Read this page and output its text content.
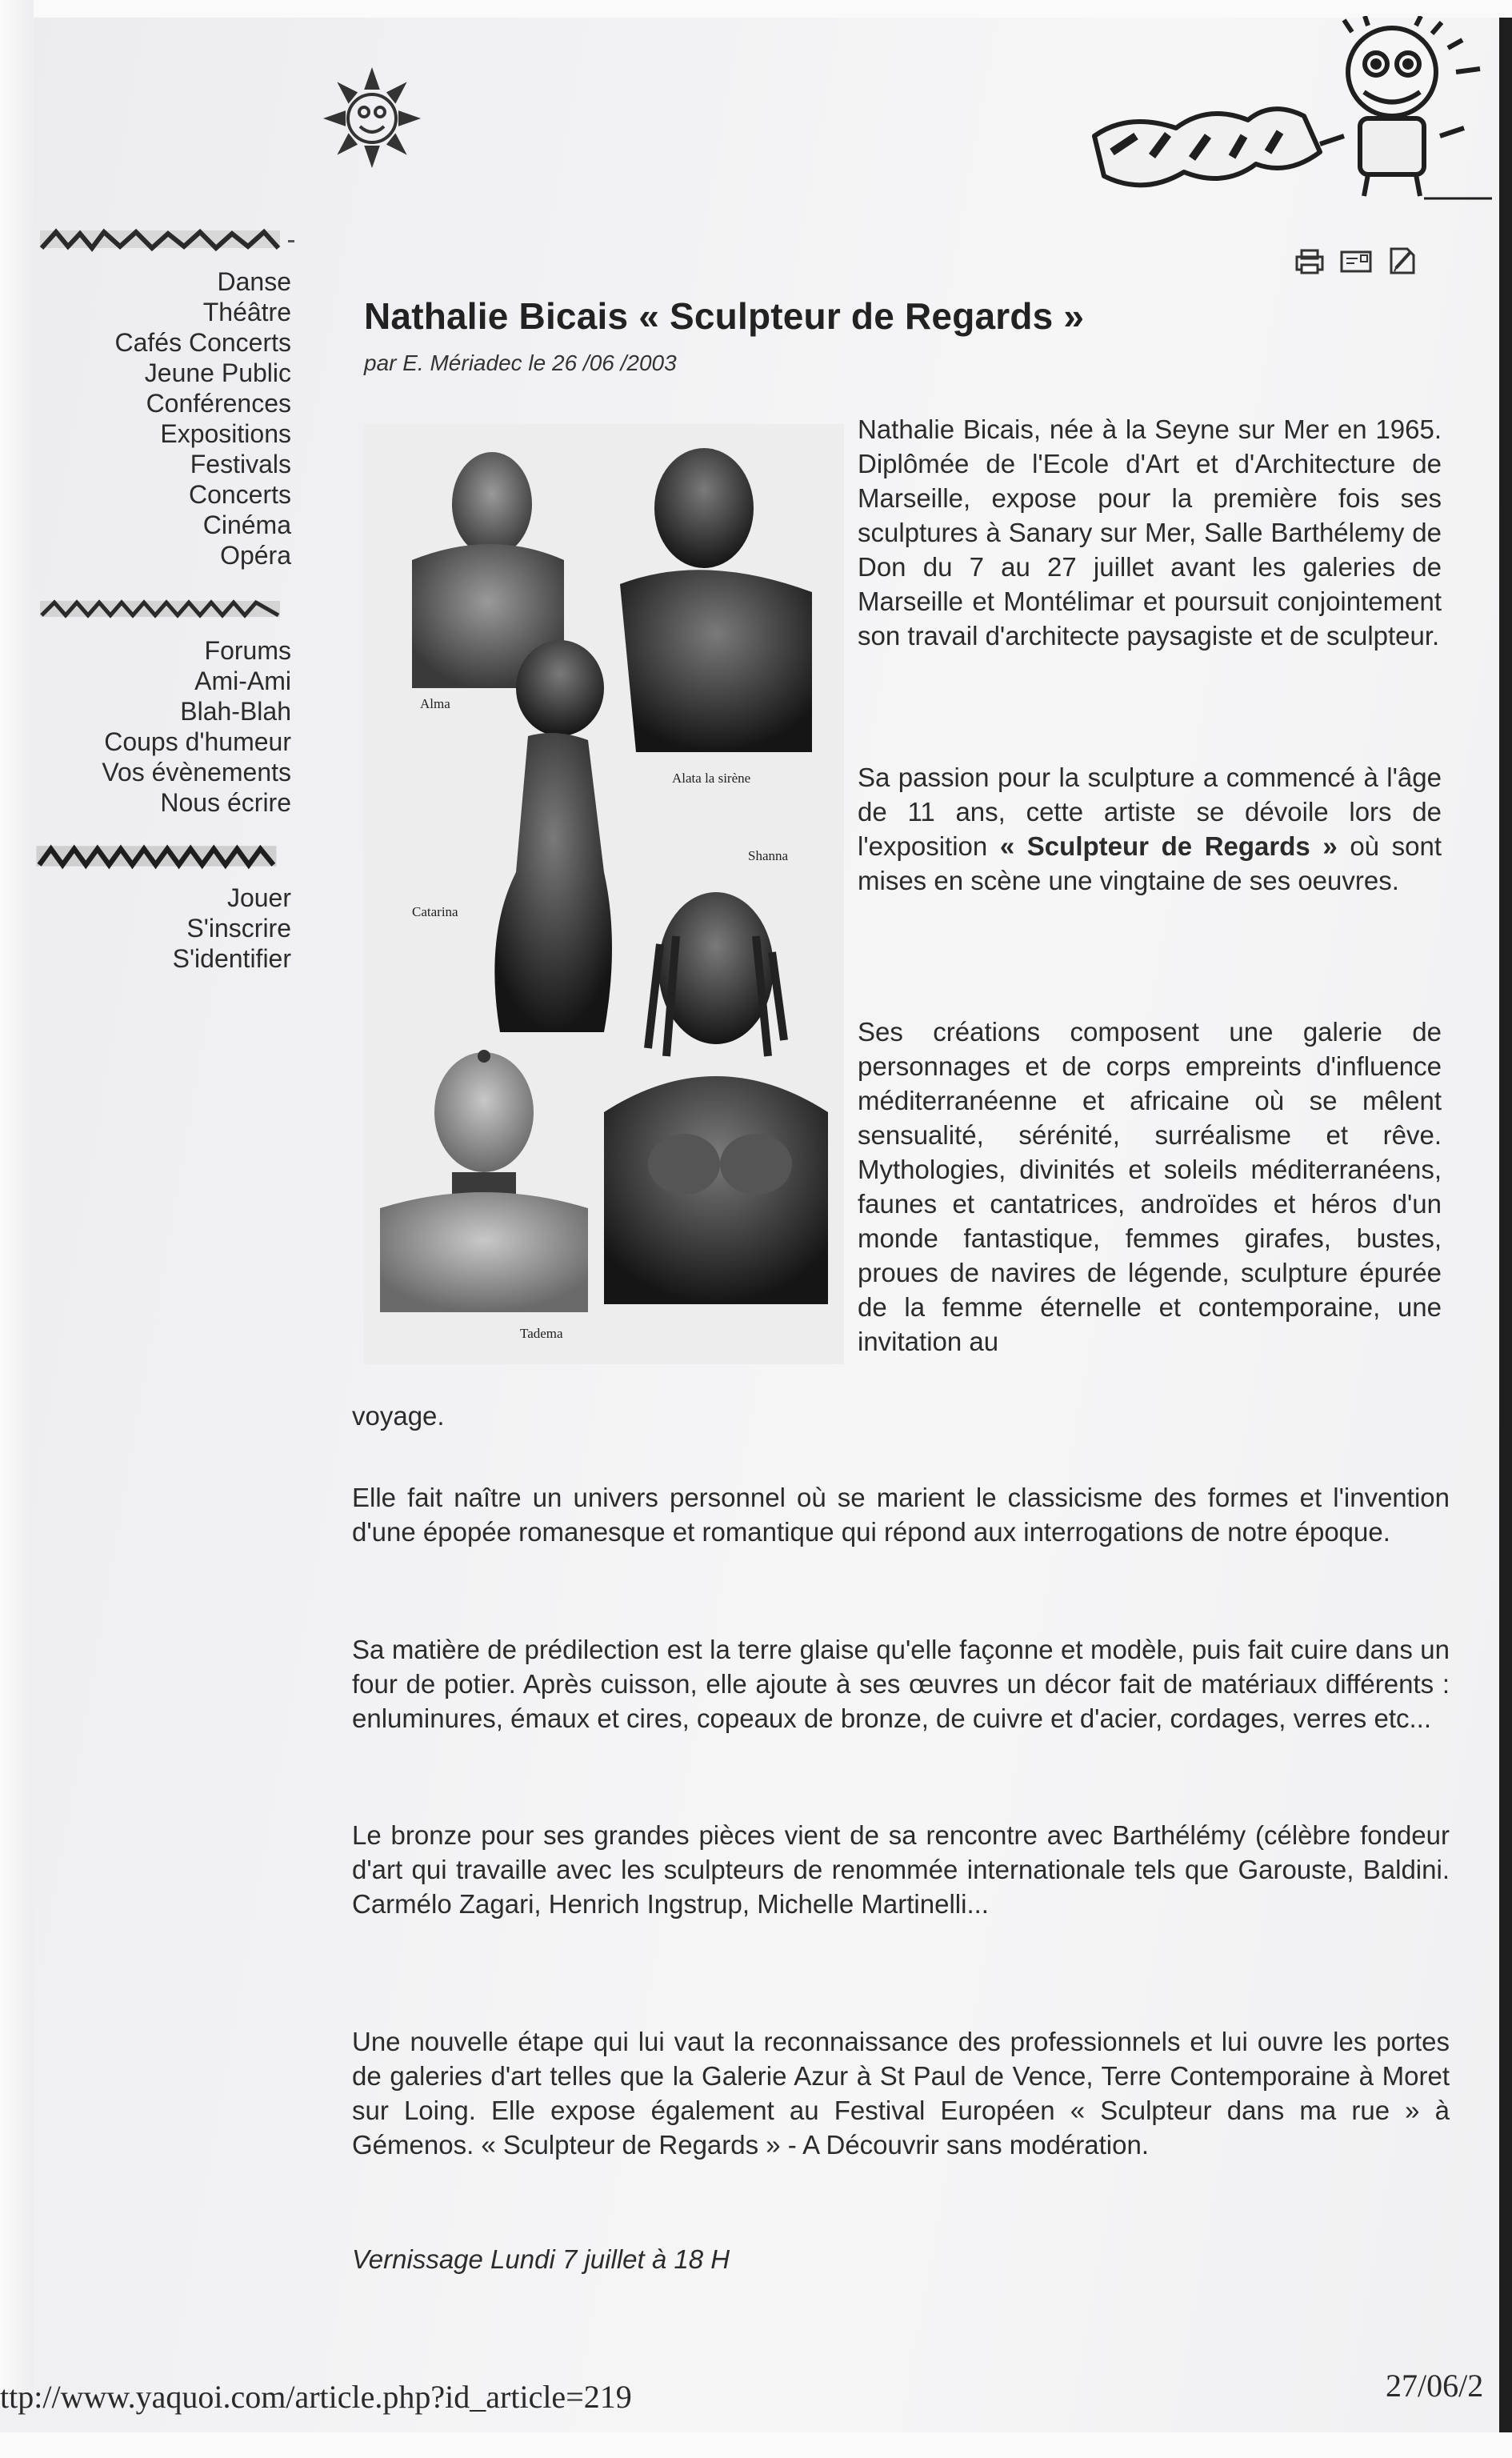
Danse
Théâtre
Cafés Concerts
Jeune Public
Conférences
Expositions
Festivals
Concerts
Cinéma
Opéra
Forums
Ami-Ami
Blah-Blah
Coups d'humeur
Vos évènements
Nous écrire
Jouer
S'inscrire
S'identifier
Nathalie Bicais « Sculpteur de Regards »
par E. Mériadec le 26 /06 /2003
Alma
Alata la sirène
Catarina
Shanna
Tadema
Nathalie Bicais, née à la Seyne sur Mer en 1965. Diplômée de l'Ecole d'Art et d'Architecture de Marseille, expose pour la première fois ses sculptures à Sanary sur Mer, Salle Barthélemy de Don du 7 au 27 juillet avant les galeries de Marseille et Montélimar et poursuit conjointement son travail d'architecte paysagiste et de sculpteur.
Sa passion pour la sculpture a commencé à l'âge de 11 ans, cette artiste se dévoile lors de l'exposition « Sculpteur de Regards » où sont mises en scène une vingtaine de ses oeuvres.
Ses créations composent une galerie de personnages et de corps empreints d'influence méditerranéenne et africaine où se mêlent sensualité, sérénité, surréalisme et rêve. Mythologies, divinités et soleils méditerranéens, faunes et cantatrices, androïdes et héros d'un monde fantastique, femmes girafes, bustes, proues de navires de légende, sculpture épurée de la femme éternelle et contemporaine, une invitation au
voyage.
Elle fait naître un univers personnel où se marient le classicisme des formes et l'invention d'une épopée romanesque et romantique qui répond aux interrogations de notre époque.
Sa matière de prédilection est la terre glaise qu'elle façonne et modèle, puis fait cuire dans un four de potier. Après cuisson, elle ajoute à ses œuvres un décor fait de matériaux différents : enluminures, émaux et cires, copeaux de bronze, de cuivre et d'acier, cordages, verres etc...
Le bronze pour ses grandes pièces vient de sa rencontre avec Barthélémy (célèbre fondeur d'art qui travaille avec les sculpteurs de renommée internationale tels que Garouste, Baldini. Carmélo Zagari, Henrich Ingstrup, Michelle Martinelli...
Une nouvelle étape qui lui vaut la reconnaissance des professionnels et lui ouvre les portes de galeries d'art telles que la Galerie Azur à St Paul de Vence, Terre Contemporaine à Moret sur Loing. Elle expose également au Festival Européen « Sculpteur dans ma rue » à Gémenos. « Sculpteur de Regards » - A Découvrir sans modération.
Vernissage Lundi 7 juillet à 18 H
ttp://www.yaquoi.com/article.php?id_article=219	27/06/2
